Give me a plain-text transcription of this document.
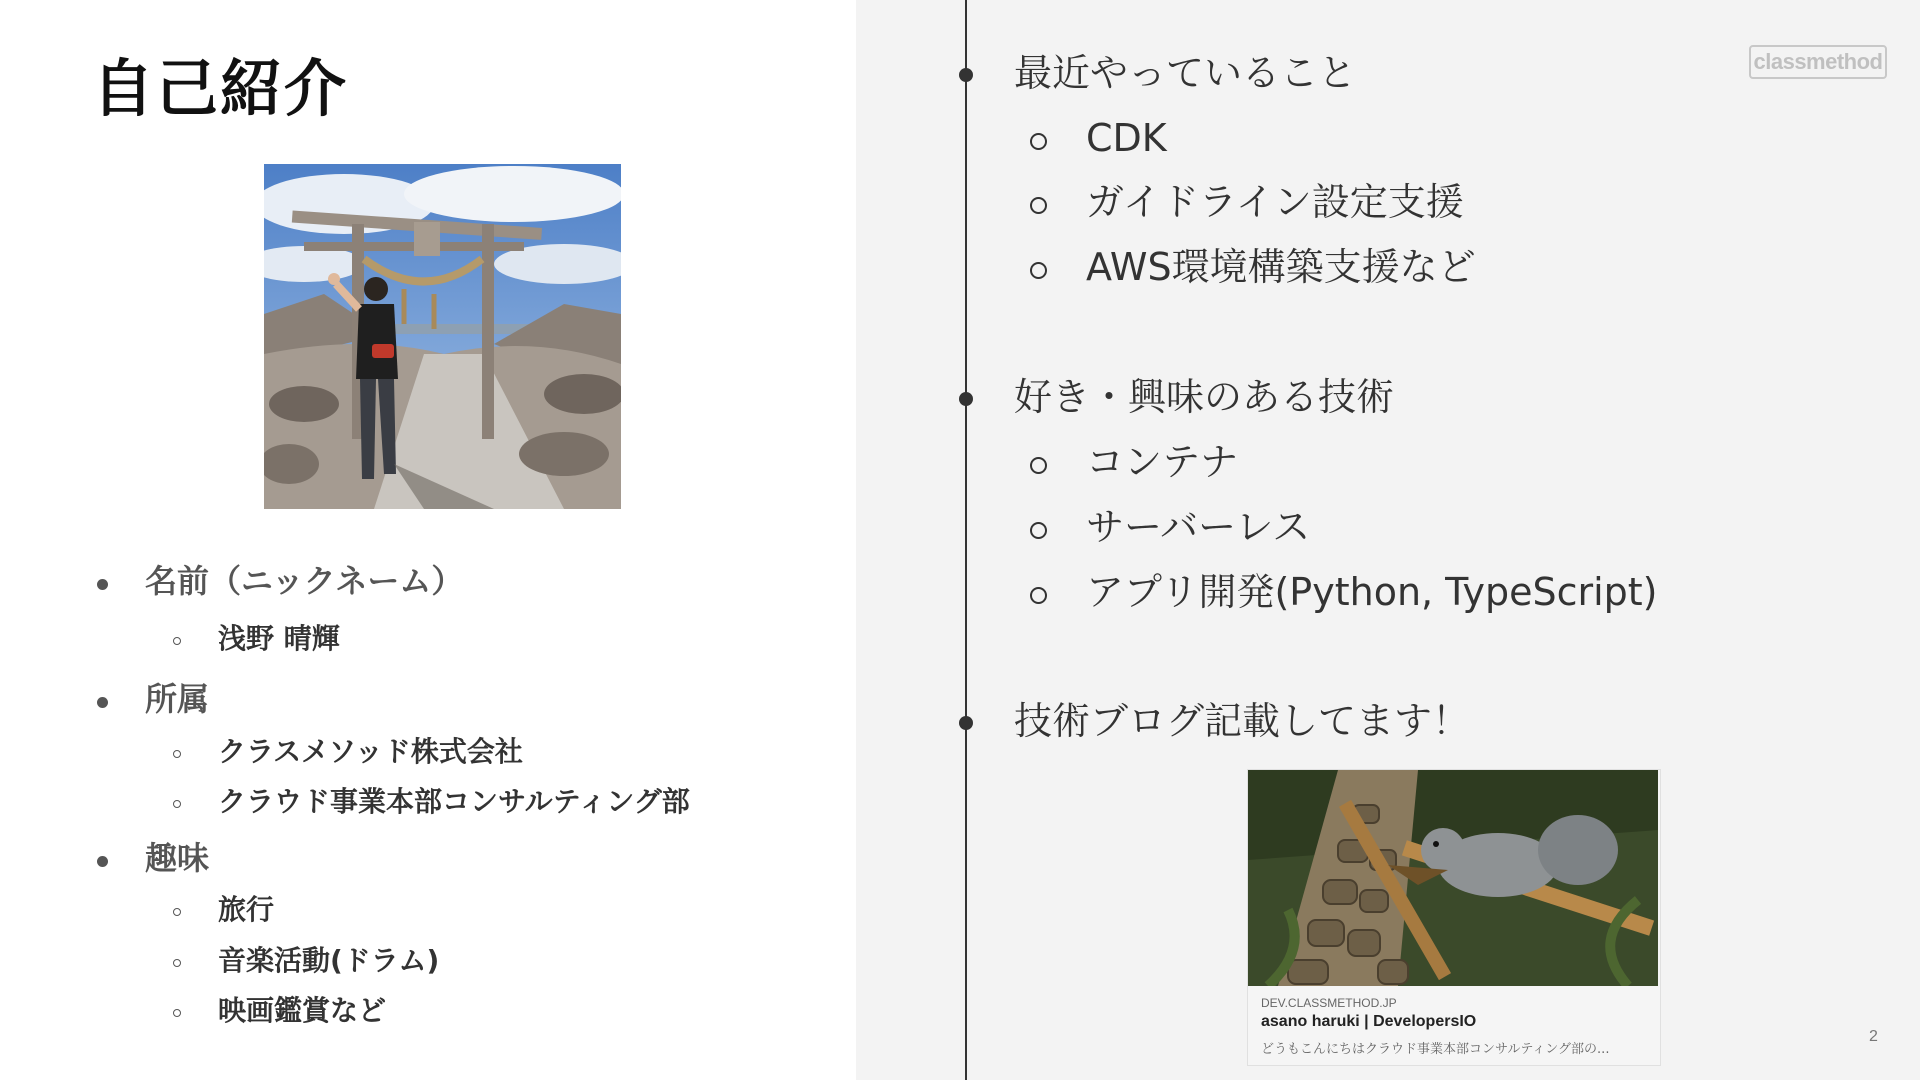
自己紹介
名前（ニックネーム）
浅野 晴輝
所属
クラスメソッド株式会社
クラウド事業本部コンサルティング部
趣味
旅行
音楽活動(ドラム)
映画鑑賞など
classmethod
最近やっていること
CDK
ガイドライン設定支援
AWS環境構築支援など
好き・興味のある技術
コンテナ
サーバーレス
アプリ開発(Python, TypeScript)
技術ブログ記載してます！
DEV.CLASSMETHOD.JP
asano haruki | DevelopersIO
どうもこんにちはクラウド事業本部コンサルティング部の...
2
